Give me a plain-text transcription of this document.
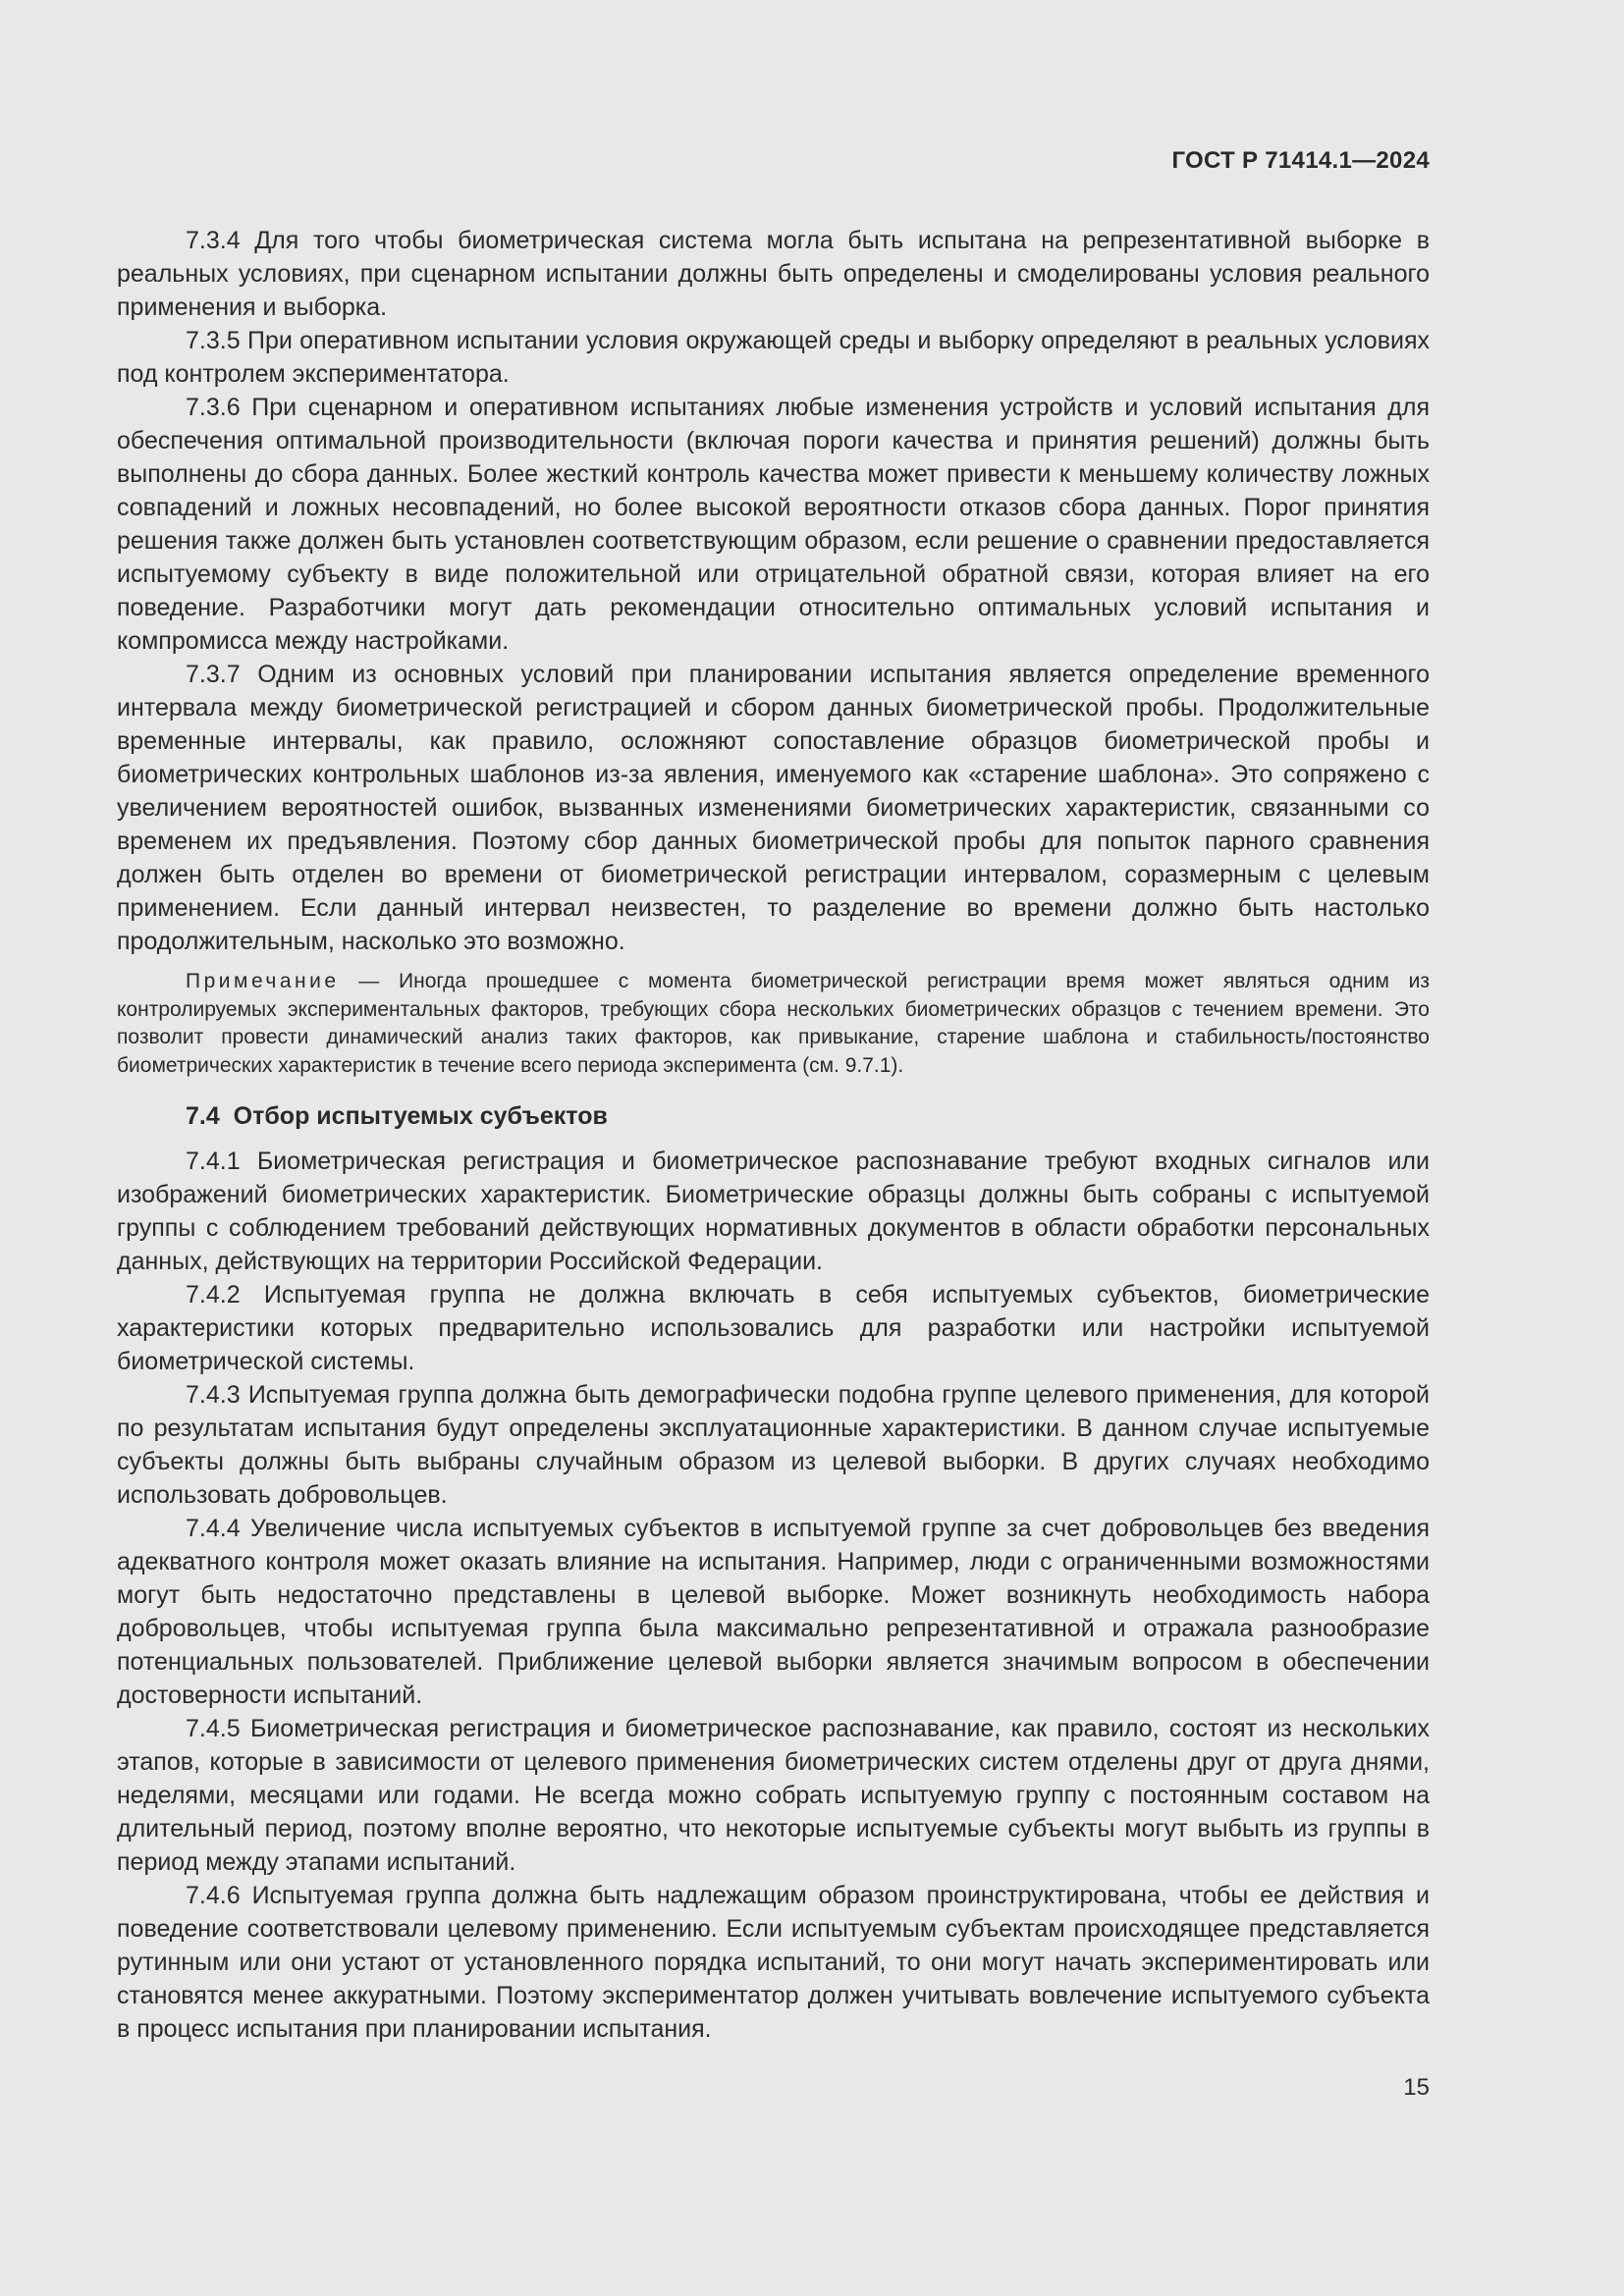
ГОСТ Р 71414.1—2024

7.3.4 Для того чтобы биометрическая система могла быть испытана на репрезентативной выборке в реальных условиях, при сценарном испытании должны быть определены и смоделированы условия реального применения и выборка.

7.3.5 При оперативном испытании условия окружающей среды и выборку определяют в реальных условиях под контролем экспериментатора.

7.3.6 При сценарном и оперативном испытаниях любые изменения устройств и условий испытания для обеспечения оптимальной производительности (включая пороги качества и принятия решений) должны быть выполнены до сбора данных. Более жесткий контроль качества может привести к меньшему количеству ложных совпадений и ложных несовпадений, но более высокой вероятности отказов сбора данных. Порог принятия решения также должен быть установлен соответствующим образом, если решение о сравнении предоставляется испытуемому субъекту в виде положительной или отрицательной обратной связи, которая влияет на его поведение. Разработчики могут дать рекомендации относительно оптимальных условий испытания и компромисса между настройками.

7.3.7 Одним из основных условий при планировании испытания является определение временного интервала между биометрической регистрацией и сбором данных биометрической пробы. Продолжительные временные интервалы, как правило, осложняют сопоставление образцов биометрической пробы и биометрических контрольных шаблонов из-за явления, именуемого как «старение шаблона». Это сопряжено с увеличением вероятностей ошибок, вызванных изменениями биометрических характеристик, связанными со временем их предъявления. Поэтому сбор данных биометрической пробы для попыток парного сравнения должен быть отделен во времени от биометрической регистрации интервалом, соразмерным с целевым применением. Если данный интервал неизвестен, то разделение во времени должно быть настолько продолжительным, насколько это возможно.

Примечание — Иногда прошедшее с момента биометрической регистрации время может являться одним из контролируемых экспериментальных факторов, требующих сбора нескольких биометрических образцов с течением времени. Это позволит провести динамический анализ таких факторов, как привыкание, старение шаблона и стабильность/постоянство биометрических характеристик в течение всего периода эксперимента (см. 9.7.1).

7.4 Отбор испытуемых субъектов

7.4.1 Биометрическая регистрация и биометрическое распознавание требуют входных сигналов или изображений биометрических характеристик. Биометрические образцы должны быть собраны с испытуемой группы с соблюдением требований действующих нормативных документов в области обработки персональных данных, действующих на территории Российской Федерации.

7.4.2 Испытуемая группа не должна включать в себя испытуемых субъектов, биометрические характеристики которых предварительно использовались для разработки или настройки испытуемой биометрической системы.

7.4.3 Испытуемая группа должна быть демографически подобна группе целевого применения, для которой по результатам испытания будут определены эксплуатационные характеристики. В данном случае испытуемые субъекты должны быть выбраны случайным образом из целевой выборки. В других случаях необходимо использовать добровольцев.

7.4.4 Увеличение числа испытуемых субъектов в испытуемой группе за счет добровольцев без введения адекватного контроля может оказать влияние на испытания. Например, люди с ограниченными возможностями могут быть недостаточно представлены в целевой выборке. Может возникнуть необходимость набора добровольцев, чтобы испытуемая группа была максимально репрезентативной и отражала разнообразие потенциальных пользователей. Приближение целевой выборки является значимым вопросом в обеспечении достоверности испытаний.

7.4.5 Биометрическая регистрация и биометрическое распознавание, как правило, состоят из нескольких этапов, которые в зависимости от целевого применения биометрических систем отделены друг от друга днями, неделями, месяцами или годами. Не всегда можно собрать испытуемую группу с постоянным составом на длительный период, поэтому вполне вероятно, что некоторые испытуемые субъекты могут выбыть из группы в период между этапами испытаний.

7.4.6 Испытуемая группа должна быть надлежащим образом проинструктирована, чтобы ее действия и поведение соответствовали целевому применению. Если испытуемым субъектам происходящее представляется рутинным или они устают от установленного порядка испытаний, то они могут начать экспериментировать или становятся менее аккуратными. Поэтому экспериментатор должен учитывать вовлечение испытуемого субъекта в процесс испытания при планировании испытания.

15
